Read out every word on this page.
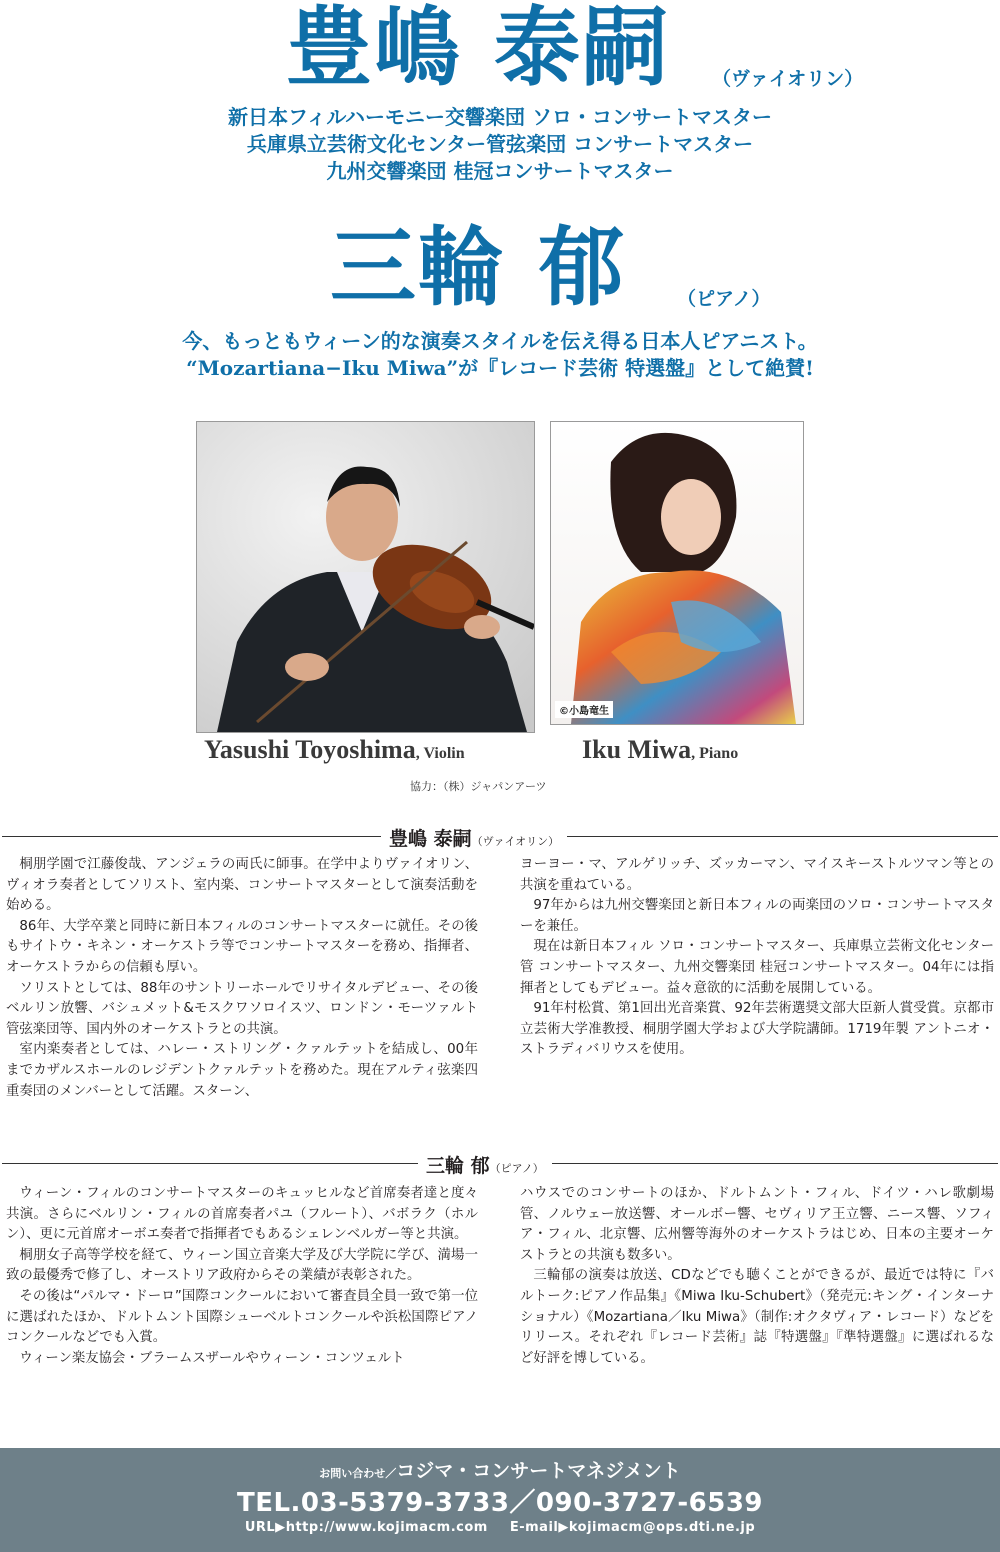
豊嶋 泰嗣 （ヴァイオリン）
新日本フィルハーモニー交響楽団 ソロ・コンサートマスター
兵庫県立芸術文化センター管弦楽団 コンサートマスター
九州交響楽団 桂冠コンサートマスター
三輪 郁	（ピアノ）
今、もっともウィーン的な演奏スタイルを伝え得る日本人ピアニスト。
“Mozartiana−Iku Miwa”が『レコード芸術 特選盤』として絶賛!
©小島竜生
Yasushi Toyoshima, Violin	Iku Miwa, Piano
協力：（株）ジャパンアーツ
豊嶋 泰嗣（ヴァイオリン）

桐朋学園で江藤俊哉、アンジェラの両氏に師事。在学中よりヴァイオリン、ヴィオラ奏者としてソリスト、室内楽、コンサートマスターとして演奏活動を始める。

86年、大学卒業と同時に新日本フィルのコンサートマスターに就任。その後もサイトウ・キネン・オーケストラ等でコンサートマスターを務め、指揮者、オーケストラからの信頼も厚い。

ソリストとしては、88年のサントリーホールでリサイタルデビュー、その後ベルリン放響、バシュメット&モスクワソロイスツ、ロンドン・モーツァルト管弦楽団等、国内外のオーケストラとの共演。

室内楽奏者としては、ハレー・ストリング・クァルテットを結成し、00年までカザルスホールのレジデントクァルテットを務めた。現在アルティ弦楽四重奏団のメンバーとして活躍。スターン、

ヨーヨー・マ、アルゲリッチ、ズッカーマン、マイスキーストルツマン等との共演を重ねている。

97年からは九州交響楽団と新日本フィルの両楽団のソロ・コンサートマスターを兼任。

現在は新日本フィル ソロ・コンサートマスター、兵庫県立芸術文化センター管 コンサートマスター、九州交響楽団 桂冠コンサートマスター。04年には指揮者としてもデビュー。益々意欲的に活動を展開している。

91年村松賞、第1回出光音楽賞、92年芸術選奨文部大臣新人賞受賞。京都市立芸術大学准教授、桐朋学園大学および大学院講師。1719年製 アントニオ・ストラディバリウスを使用。

三輪 郁（ピアノ）

ウィーン・フィルのコンサートマスターのキュッヒルなど首席奏者達と度々共演。さらにベルリン・フィルの首席奏者パユ（フルート）、バボラク（ホルン）、更に元首席オーボエ奏者で指揮者でもあるシェレンベルガー等と共演。

桐朋女子高等学校を経て、ウィーン国立音楽大学及び大学院に学び、満場一致の最優秀で修了し、オーストリア政府からその業績が表彰された。

その後は“パルマ・ドーロ”国際コンクールにおいて審査員全員一致で第一位に選ばれたほか、ドルトムント国際シューベルトコンクールや浜松国際ピアノコンクールなどでも入賞。

ウィーン楽友協会・ブラームスザールやウィーン・コンツェルト

ハウスでのコンサートのほか、ドルトムント・フィル、ドイツ・ハレ歌劇場管、ノルウェー放送響、オールボー響、セヴィリア王立響、ニース響、ソフィア・フィル、北京響、広州響等海外のオーケストラはじめ、日本の主要オーケストラとの共演も数多い。

三輪郁の演奏は放送、CDなどでも聴くことができるが、最近では特に『バルトーク:ピアノ作品集』《Miwa Iku-Schubert》（発売元:キング・インターナショナル）《Mozartiana／Iku Miwa》（制作:オクタヴィア・レコード）などをリリース。それぞれ『レコード芸術』誌『特選盤』『準特選盤』に選ばれるなど好評を博している。

お問い合わせ／コジマ・コンサートマネジメント
TEL.03-5379-3733／090-3727-6539
URL▶http://www.kojimacm.com E-mail▶kojimacm@ops.dti.ne.jp
